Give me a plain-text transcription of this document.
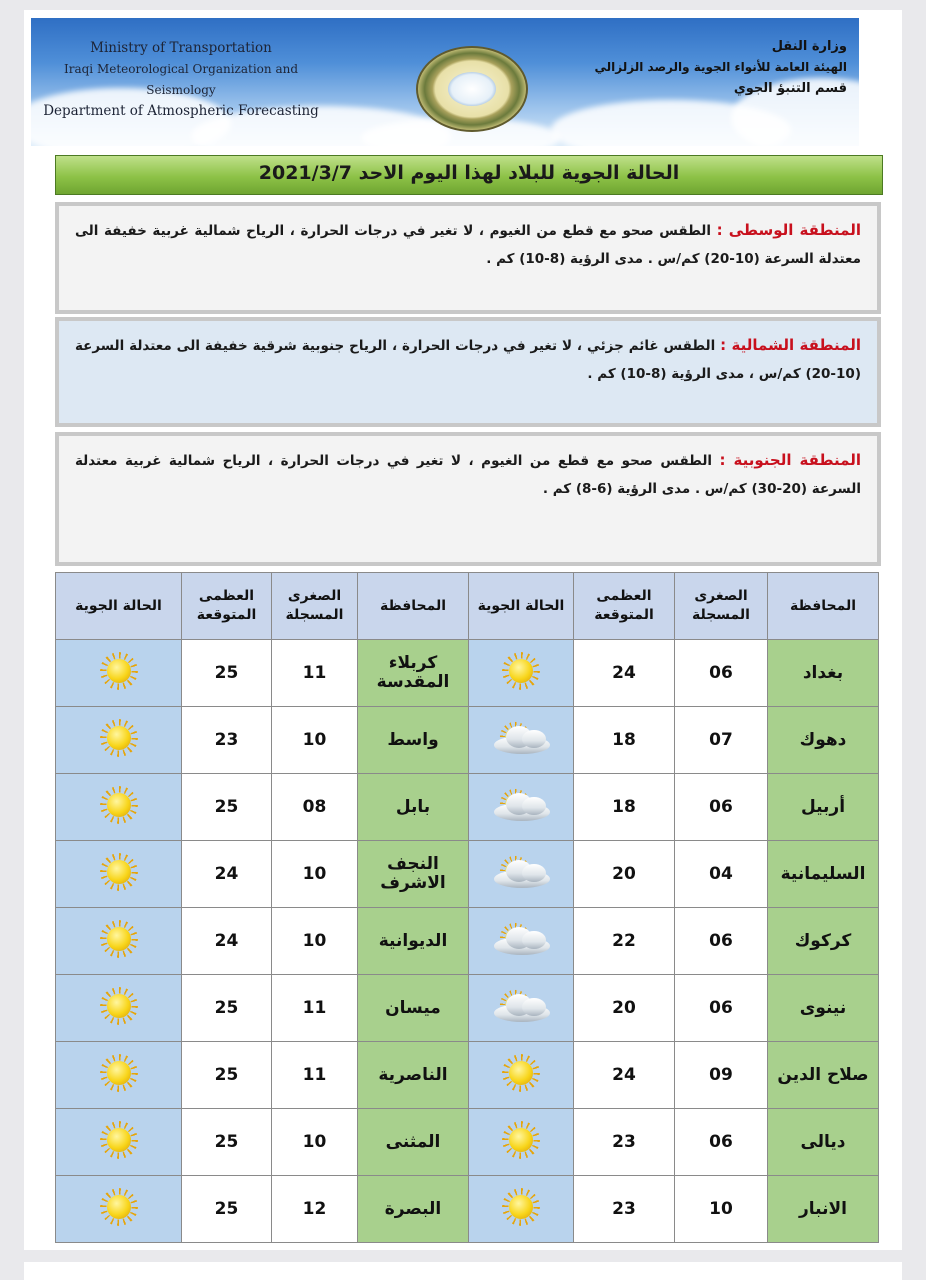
Ministry of Transportation
Iraqi Meteorological Organization and Seismology
Department of Atmospheric Forecasting
وزارة النقل
الهيئة العامة للأنواء الجوية والرصد الزلزالي
قسم التنبؤ الجوي
الحالة الجوية للبلاد لهذا اليوم الاحد 2021/3/7
المنطقة الوسطى : الطقس صحو مع قطع من الغيوم ، لا تغير في درجات الحرارة ، الرياح شمالية غربية خفيفة الى معتدلة السرعة (10-20) كم/س . مدى الرؤية (8-10) كم .
المنطقة الشمالية : الطقس غائم جزئي ، لا تغير في درجات الحرارة ، الرياح جنوبية شرقية خفيفة الى معتدلة السرعة (10-20) كم/س ، مدى الرؤية (8-10) كم .
المنطقة الجنوبية : الطقس صحو مع قطع من الغيوم ، لا تغير في درجات الحرارة ، الرياح شمالية غربية معتدلة السرعة (20-30) كم/س . مدى الرؤية (6-8) كم .
المحافظة	الصغرى المسجلة	العظمى المتوقعة	الحالة الجوية	المحافظة	الصغرى المسجلة	العظمى المتوقعة	الحالة الجوية
بغداد	06	24		كربلاء المقدسة	11	25	

دهوك	07	18		واسط	10	23	

أربيل	06	18		بابل	08	25	

السليمانية	04	20		النجف الاشرف	10	24	

كركوك	06	22		الديوانية	10	24	

نينوى	06	20		ميسان	11	25	

صلاح الدين	09	24		الناصرية	11	25	

ديالى	06	23		المثنى	10	25	

الانبار	10	23		البصرة	12	25	
